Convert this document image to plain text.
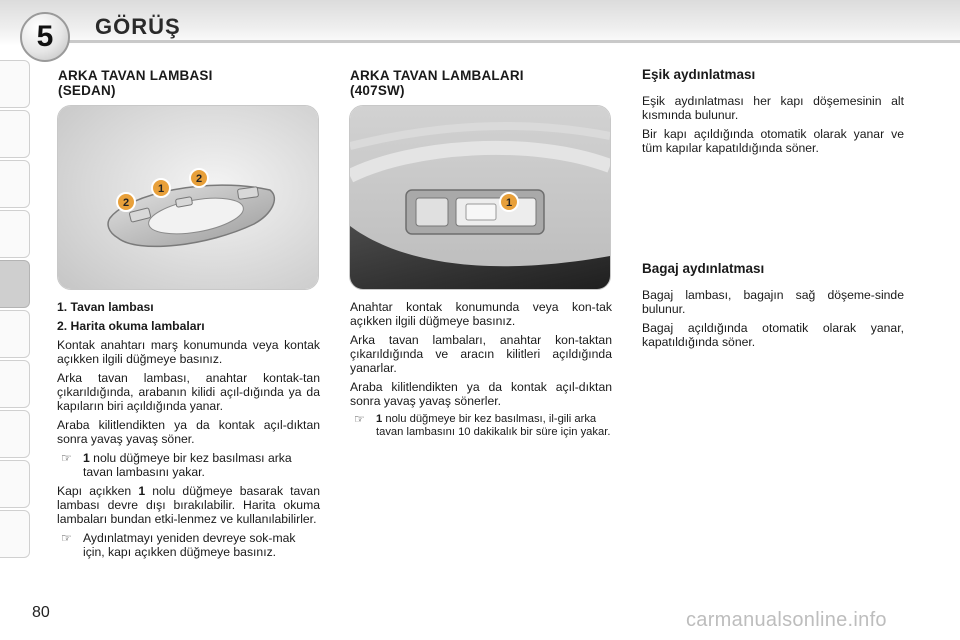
5	GÖRÜŞ
ARKA TAVAN LAMBASI
(SEDAN)
2
1
2

1. Tavan lambası

2. Harita okuma lambaları

Kontak anahtarı marş konumunda veya kontak açıkken ilgili düğmeye basınız.

Arka tavan lambası, anahtar kontak-tan çıkarıldığında, arabanın kilidi açıl-dığında ya da kapıların biri açıldığında yanar.

Araba kilitlendikten ya da kontak açıl-dıktan sonra yavaş yavaş söner.

☞ 1 nolu düğmeye bir kez basılması arka tavan lambasını yakar.

Kapı açıkken 1 nolu düğmeye basarak tavan lambası devre dışı bırakılabilir. Harita okuma lambaları bundan etki-lenmez ve kullanılabilirler.

☞ Aydınlatmayı yeniden devreye sok-mak için, kapı açıkken düğmeye basınız.
ARKA TAVAN LAMBALARI
(407SW)
1

Anahtar kontak konumunda veya kon-tak açıkken ilgili düğmeye basınız.

Arka tavan lambaları, anahtar kon-taktan çıkarıldığında ve aracın kilitleri açıldığında yanarlar.

Araba kilitlendikten ya da kontak açıl-dıktan sonra yavaş yavaş sönerler.

☞	1 nolu düğmeye bir kez basılması, il-gili arka tavan lambasını 10 dakikalık bir süre için yakar.
Eşik aydınlatması

Eşik aydınlatması her kapı döşemesinin alt kısmında bulunur.

Bir kapı açıldığında otomatik olarak yanar ve tüm kapılar kapatıldığında söner.

Bagaj aydınlatması

Bagaj lambası, bagajın sağ döşeme-sinde bulunur.

Bagaj açıldığında otomatik olarak yanar, kapatıldığında söner.

80	carmanualsonline.info
